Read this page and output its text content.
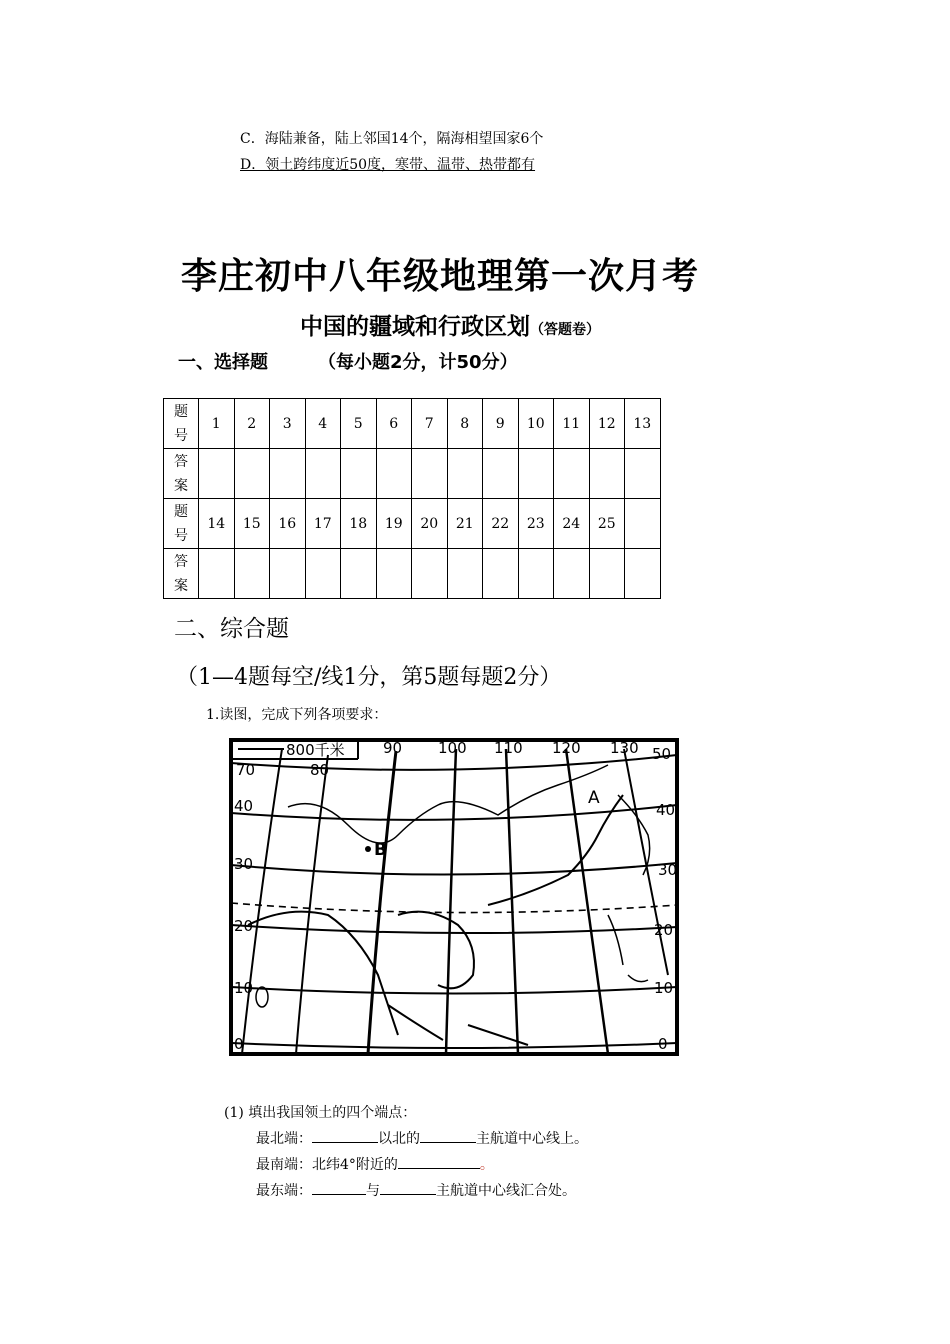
C．海陆兼备，陆上邻国14个，隔海相望国家6个
D．领土跨纬度近50度，寒带、温带、热带都有
李庄初中八年级地理第一次月考
中国的疆域和行政区划（答题卷）
一、选择题	（每小题2分，计50分）
题
号	1	2	3	4	5	6	7	8	9	10	11	12	13
答
案													
题
号	14	15	16	17	18	19	20	21	22	23	24	25	
答
案													
二、综合题
（1—4题每空/线1分，第5题每题2分）
1.读图，完成下列各项要求：
800千米
70	80
90 100 110 120 130 50
40	40
30	30
20	20
10	10
0	0
A
B
(1) 填出我国领土的四个端点：
最北端：	以北的	主航道中心线上。
最南端：北纬4°附近的	。
最东端：	与	主航道中心线汇合处。
